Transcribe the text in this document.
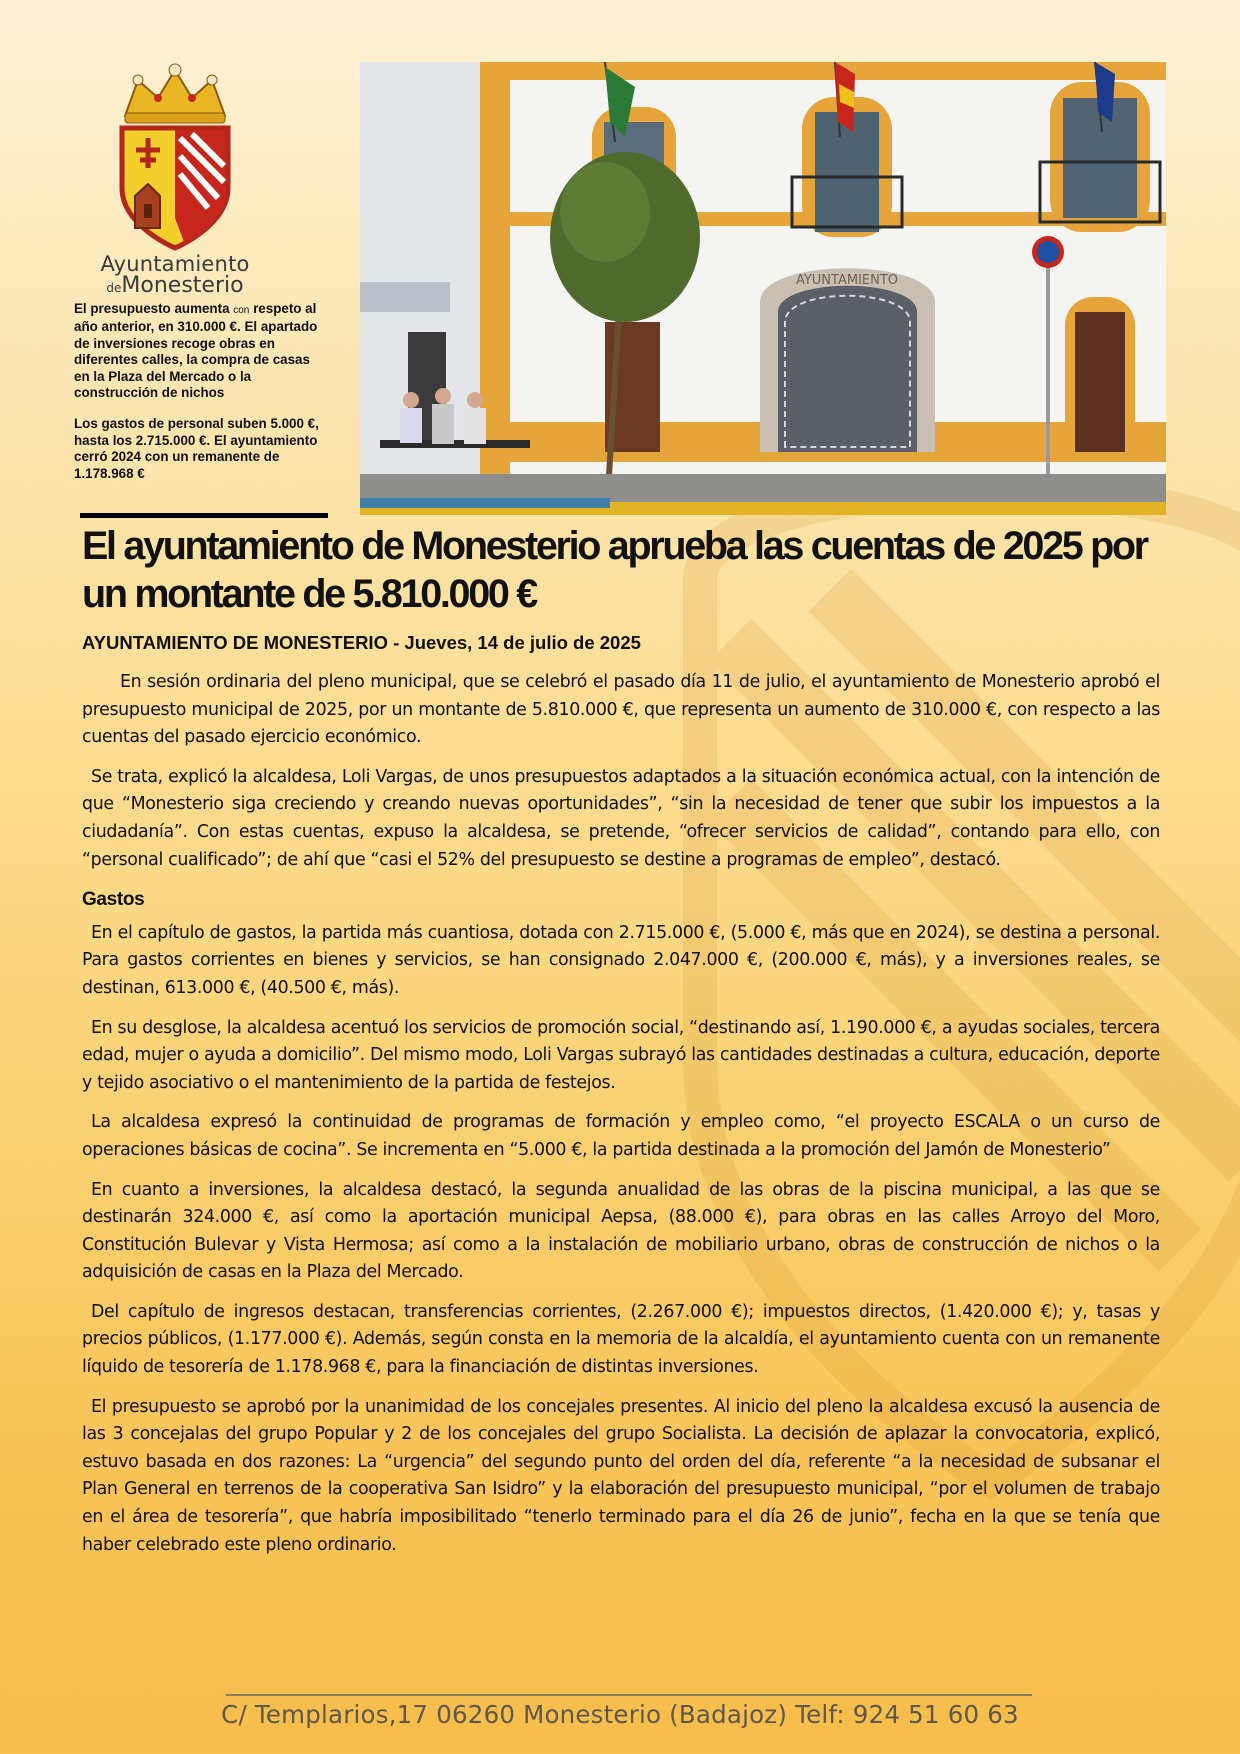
Ayuntamiento
deMonesterio

El presupuesto aumenta con respeto al año anterior, en 310.000 €. El apartado de inversiones recoge obras en diferentes calles, la compra de casas en la Plaza del Mercado o la construcción de nichos

Los gastos de personal suben 5.000 €, hasta los 2.715.000 €. El ayuntamiento cerró 2024 con un remanente de 1.178.968 €

AYUNTAMIENTO
El ayuntamiento de Monesterio aprueba las cuentas de 2025 por un montante de 5.810.000 €

AYUNTAMIENTO DE MONESTERIO - Jueves, 14 de julio de 2025

En sesión ordinaria del pleno municipal, que se celebró el pasado día 11 de julio, el ayuntamiento de Monesterio aprobó el presupuesto municipal de 2025, por un montante de 5.810.000 €, que representa un aumento de 310.000 €, con respecto a las cuentas del pasado ejercicio económico.

Se trata, explicó la alcaldesa, Loli Vargas, de unos presupuestos adaptados a la situación económica actual, con la intención de que “Monesterio siga creciendo y creando nuevas oportunidades”, “sin la necesidad de tener que subir los impuestos a la ciudadanía”. Con estas cuentas, expuso la alcaldesa, se pretende, “ofrecer servicios de calidad”, contando para ello, con “personal cualificado”; de ahí que “casi el 52% del presupuesto se destine a programas de empleo”, destacó.

Gastos

En el capítulo de gastos, la partida más cuantiosa, dotada con 2.715.000 €, (5.000 €, más que en 2024), se destina a personal. Para gastos corrientes en bienes y servicios, se han consignado 2.047.000 €, (200.000 €, más), y a inversiones reales, se destinan, 613.000 €, (40.500 €, más).

En su desglose, la alcaldesa acentuó los servicios de promoción social, “destinando así, 1.190.000 €, a ayudas sociales, tercera edad, mujer o ayuda a domicilio”. Del mismo modo, Loli Vargas subrayó las cantidades destinadas a cultura, educación, deporte y tejido asociativo o el mantenimiento de la partida de festejos.

La alcaldesa expresó la continuidad de programas de formación y empleo como, “el proyecto ESCALA o un curso de operaciones básicas de cocina”. Se incrementa en “5.000 €, la partida destinada a la promoción del Jamón de Monesterio”

En cuanto a inversiones, la alcaldesa destacó, la segunda anualidad de las obras de la piscina municipal, a las que se destinarán 324.000 €, así como la aportación municipal Aepsa, (88.000 €), para obras en las calles Arroyo del Moro, Constitución Bulevar y Vista Hermosa; así como a la instalación de mobiliario urbano, obras de construcción de nichos o la adquisición de casas en la Plaza del Mercado.

Del capítulo de ingresos destacan, transferencias corrientes, (2.267.000 €); impuestos directos, (1.420.000 €); y, tasas y precios públicos, (1.177.000 €). Además, según consta en la memoria de la alcaldía, el ayuntamiento cuenta con un remanente líquido de tesorería de 1.178.968 €, para la financiación de distintas inversiones.

El presupuesto se aprobó por la unanimidad de los concejales presentes. Al inicio del pleno la alcaldesa excusó la ausencia de las 3 concejalas del grupo Popular y 2 de los concejales del grupo Socialista. La decisión de aplazar la convocatoria, explicó, estuvo basada en dos razones: La “urgencia” del segundo punto del orden del día, referente “a la necesidad de subsanar el Plan General en terrenos de la cooperativa San Isidro” y la elaboración del presupuesto municipal, “por el volumen de trabajo en el área de tesorería”, que habría imposibilitado “tenerlo terminado para el día 26 de junio”, fecha en la que se tenía que haber celebrado este pleno ordinario.

C/ Templarios,17 06260 Monesterio (Badajoz) Telf: 924 51 60 63
